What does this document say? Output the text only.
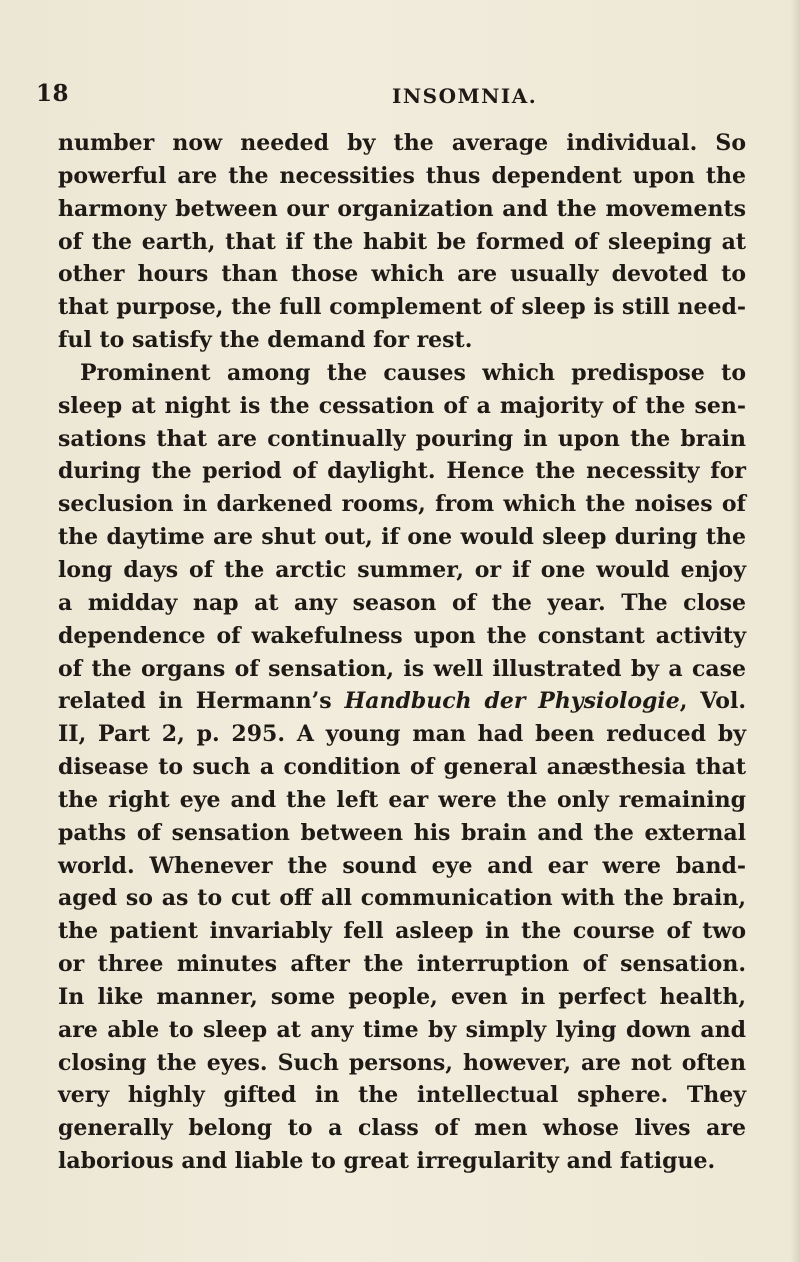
18	INSOMNIA.
number now needed by the average individual. So
powerful are the necessities thus dependent upon the
harmony between our organization and the movements
of the earth, that if the habit be formed of sleeping at
other hours than those which are usually devoted to
that purpose, the full complement of sleep is still need-
ful to satisfy the demand for rest.
Prominent among the causes which predispose to
sleep at night is the cessation of a majority of the sen-
sations that are continually pouring in upon the brain
during the period of daylight. Hence the necessity for
seclusion in darkened rooms, from which the noises of
the daytime are shut out, if one would sleep during the
long days of the arctic summer, or if one would enjoy
a midday nap at any season of the year. The close
dependence of wakefulness upon the constant activity
of the organs of sensation, is well illustrated by a case
related in Hermann’s Handbuch der Physiologie, Vol.
II, Part 2, p. 295. A young man had been reduced by
disease to such a condition of general anæsthesia that
the right eye and the left ear were the only remaining
paths of sensation between his brain and the external
world. Whenever the sound eye and ear were band-
aged so as to cut off all communication with the brain,
the patient invariably fell asleep in the course of two
or three minutes after the interruption of sensation.
In like manner, some people, even in perfect health,
are able to sleep at any time by simply lying down and
closing the eyes. Such persons, however, are not often
very highly gifted in the intellectual sphere. They
generally belong to a class of men whose lives are
laborious and liable to great irregularity and fatigue.
